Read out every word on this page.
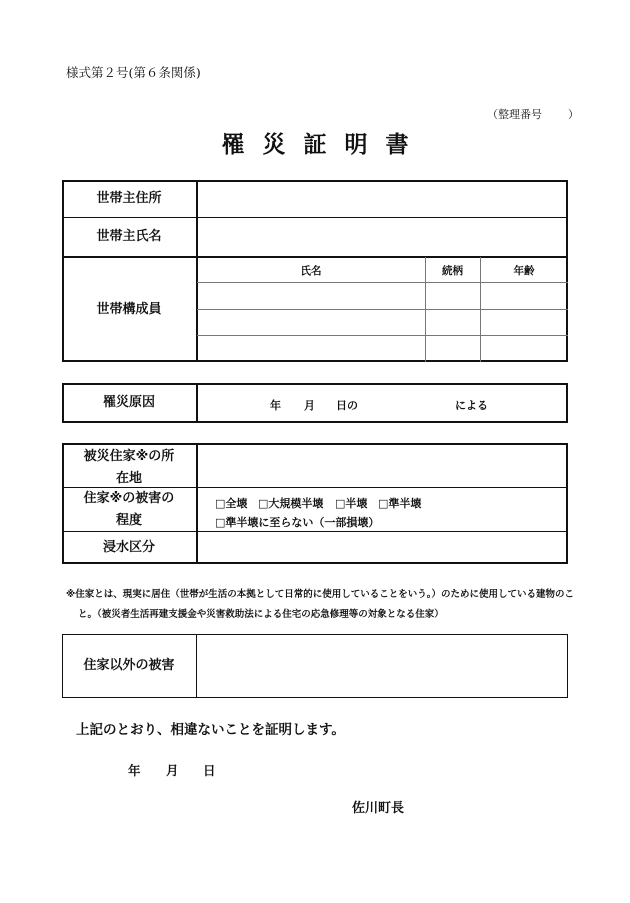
様式第２号(第６条関係)
（整理番号 ）
罹災証明書
世帯主住所
世帯主氏名
世帯構成員
氏名	続柄	年齢
罹災原因	年 月 日の	による
被災住家※の所
在地
住家※の被害の
程度
□全壊 □大規模半壊 □半壊 □準半壊
□準半壊に至らない（一部損壊）
浸水区分
※住家とは、現実に居住（世帯が生活の本拠として日常的に使用していることをいう。）のために使用している建物のこ
と。（被災者生活再建支援金や災害救助法による住宅の応急修理等の対象となる住家）
住家以外の被害
上記のとおり、相違ないことを証明します。
年 月 日
佐川町長
